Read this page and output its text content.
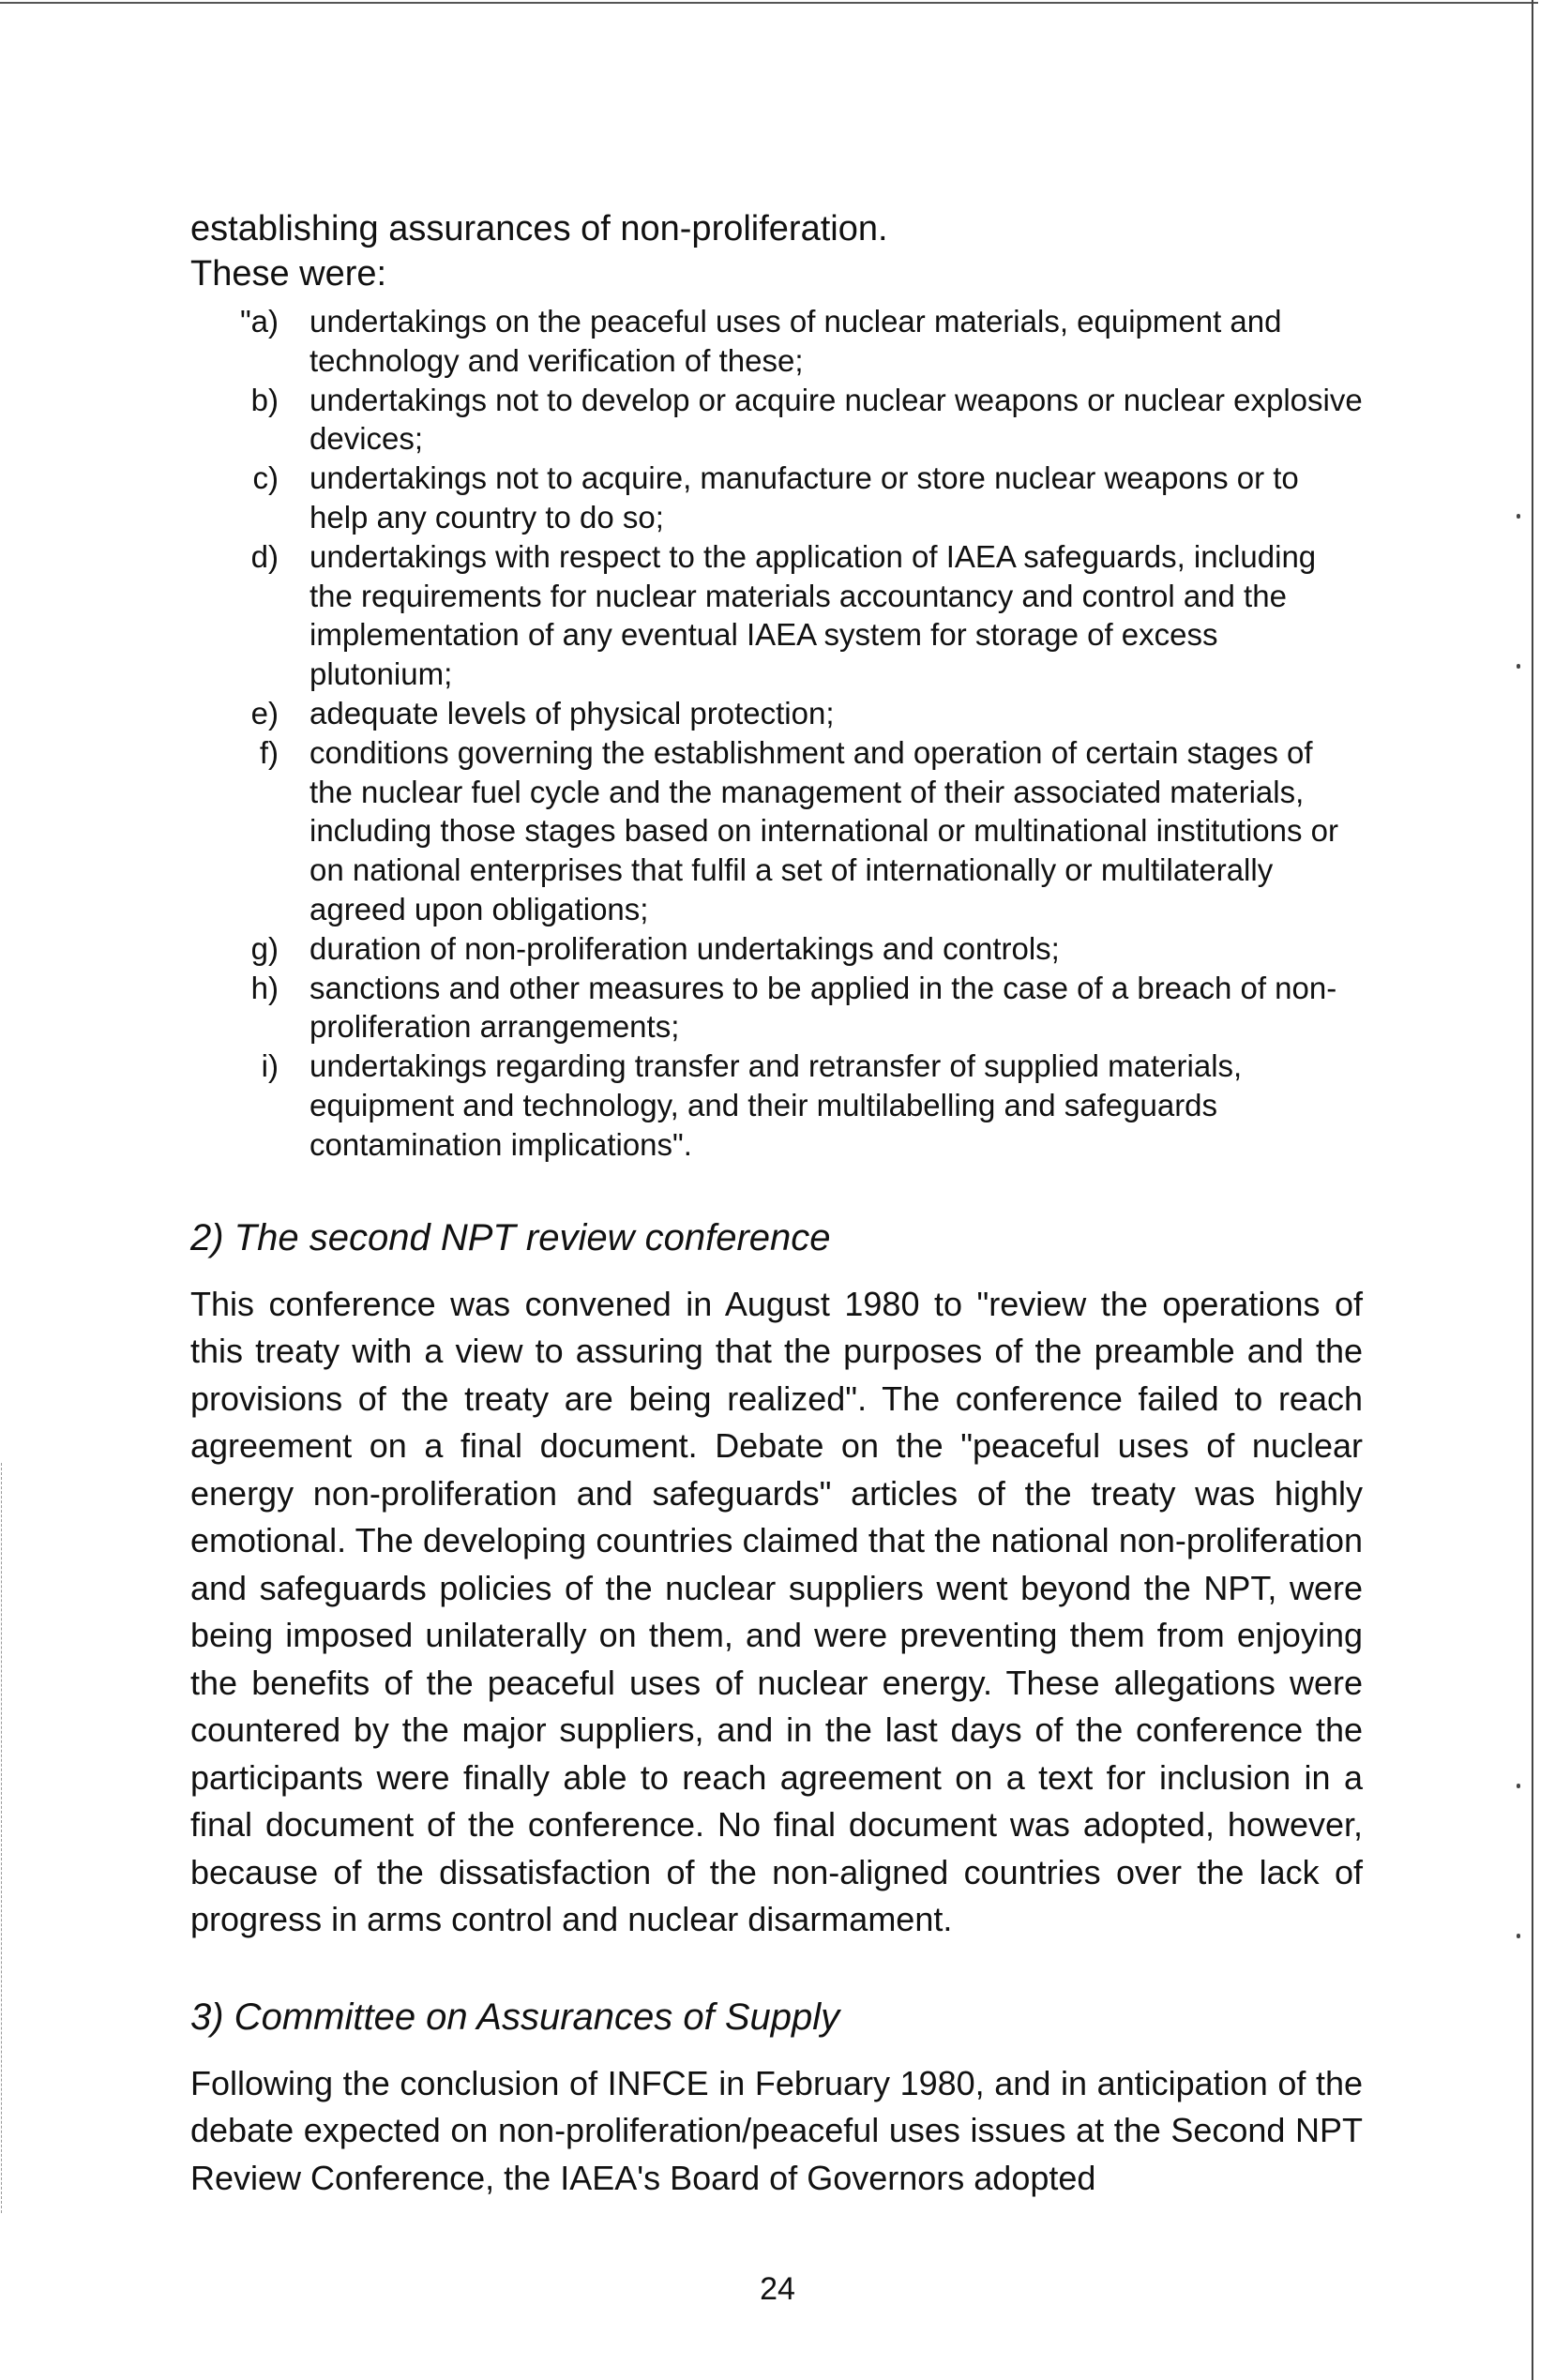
establishing assurances of non-proliferation.

These were:

"a)	undertakings on the peaceful uses of nuclear materials, equipment and technology and verification of these;
b)	undertakings not to develop or acquire nuclear weapons or nuclear explosive devices;
c)	undertakings not to acquire, manufacture or store nuclear weapons or to help any country to do so;
d)	undertakings with respect to the application of IAEA safeguards, including the requirements for nuclear materials accountancy and control and the implementation of any eventual IAEA system for storage of excess plutonium;
e)	adequate levels of physical protection;
f)	conditions governing the establishment and operation of certain stages of the nuclear fuel cycle and the management of their associated materials, including those stages based on international or multinational institutions or on national enterprises that fulfil a set of internationally or multilaterally agreed upon obligations;
g)	duration of non-proliferation undertakings and controls;
h)	sanctions and other measures to be applied in the case of a breach of non-proliferation arrangements;
i)	undertakings regarding transfer and retransfer of supplied materials, equipment and technology, and their multilabelling and safeguards contamination implications".
2) The second NPT review conference

This conference was convened in August 1980 to "review the operations of this treaty with a view to assuring that the purposes of the preamble and the provisions of the treaty are being realized". The conference failed to reach agreement on a final document. Debate on the "peaceful uses of nuclear energy non-proliferation and safeguards" articles of the treaty was highly emotional. The developing countries claimed that the national non-proliferation and safeguards policies of the nuclear suppliers went beyond the NPT, were being imposed unilaterally on them, and were preventing them from enjoying the benefits of the peaceful uses of nuclear energy. These allegations were countered by the major suppliers, and in the last days of the conference the participants were finally able to reach agreement on a text for inclusion in a final document of the conference. No final document was adopted, however, because of the dissatisfaction of the non-aligned countries over the lack of progress in arms control and nuclear disarmament.

3) Committee on Assurances of Supply

Following the conclusion of INFCE in February 1980, and in anticipation of the debate expected on non-proliferation/peaceful uses issues at the Second NPT Review Conference, the IAEA's Board of Governors adopted

24
